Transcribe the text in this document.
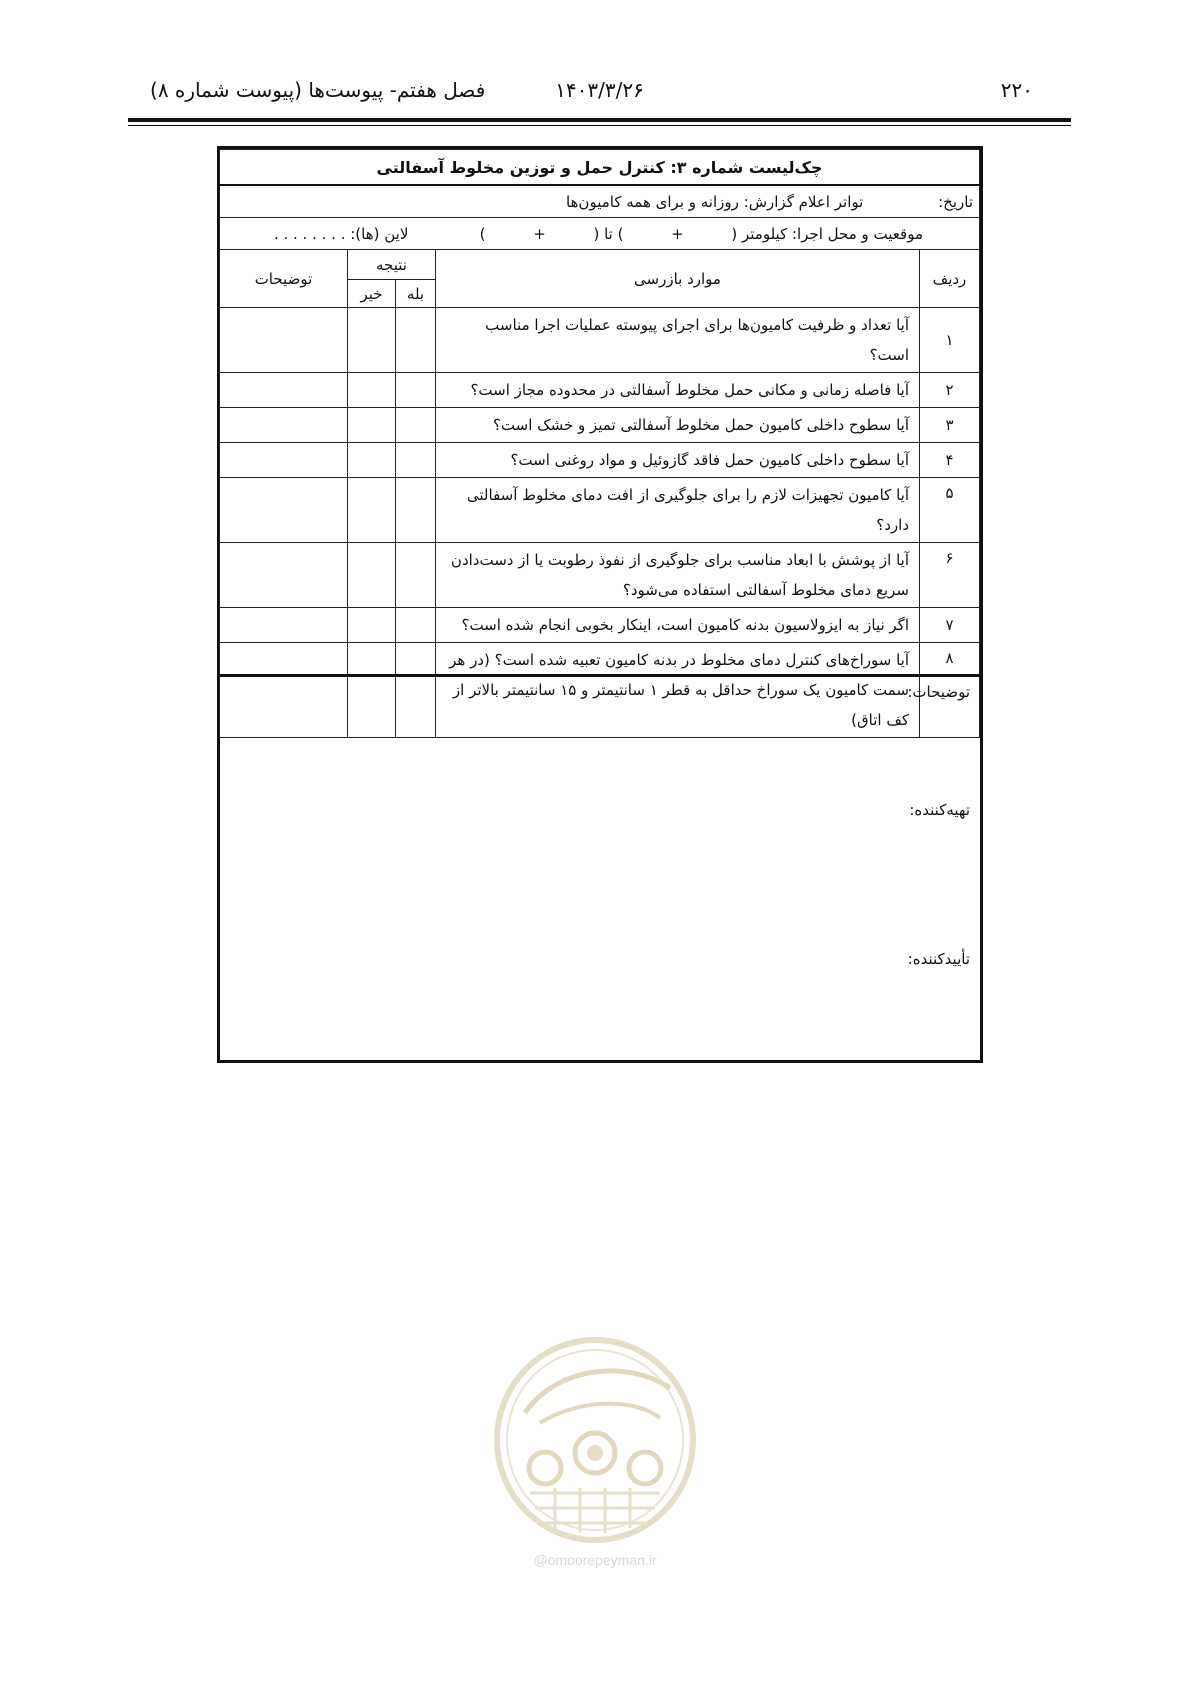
۲۲۰
۱۴۰۳/۳/۲۶
فصل هفتم- پیوست‌ها (پیوست شماره ۸)
چک‌لیست شماره ۳: کنترل حمل و توزین مخلوط آسفالتی				

تاریخ:
تواتر اعلام گزارش: روزانه و برای همه کامیون‌ها				

موقعیت و محل اجرا: کیلومتر (          +          ) تا (          +          )
لاین (ها): . . . . . . . .				

ردیف	موارد بازرسی	نتیجه		توضیحات
		بله	خیر	
۱	آیا تعداد و ظرفیت کامیون‌ها برای اجرای پیوسته عملیات اجرا مناسب است؟			
۲	آیا فاصله زمانی و مکانی حمل مخلوط آسفالتی در محدوده مجاز است؟			
۳	آیا سطوح داخلی کامیون حمل مخلوط آسفالتی تمیز و خشک است؟			
۴	آیا سطوح داخلی کامیون حمل فاقد گازوئیل و مواد روغنی است؟			
۵	آیا کامیون تجهیزات لازم را برای جلوگیری از افت دمای مخلوط آسفالتی دارد؟			
۶	آیا از پوشش با ابعاد مناسب برای جلوگیری از نفوذ رطوبت یا از دست‌دادن سریع دمای مخلوط آسفالتی استفاده می‌شود؟			
۷	اگر نیاز به ایزولاسیون بدنه کامیون است، اینکار بخوبی انجام شده است؟			
۸	آیا سوراخ‌های کنترل دمای مخلوط در بدنه کامیون تعبیه شده است؟ (در هر سمت کامیون یک سوراخ حداقل به قطر ۱ سانتیمتر و ۱۵ سانتیمتر بالاتر از کف اتاق)			
توضیحات:
تهیه‌کننده:
تأییدکننده:
@omoorepeyman.ir
